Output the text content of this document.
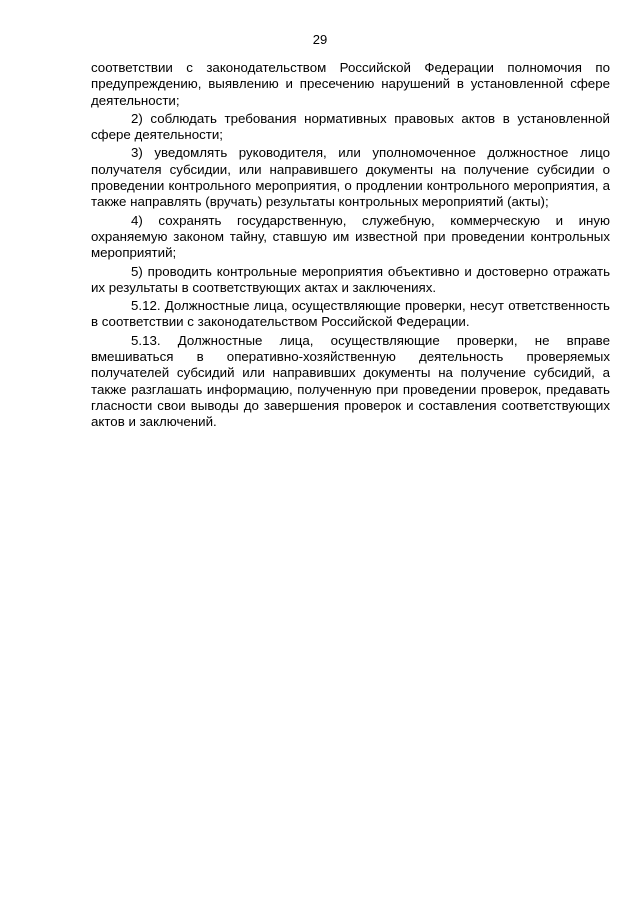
29

соответствии с законодательством Российской Федерации полномочия по предупреждению, выявлению и пресечению нарушений в установленной сфере деятельности;

2) соблюдать требования нормативных правовых актов в установленной сфере деятельности;

3) уведомлять руководителя, или уполномоченное должностное лицо получателя субсидии, или направившего документы на получение субсидии о проведении контрольного мероприятия, о продлении контрольного мероприятия, а также направлять (вручать) результаты контрольных мероприятий (акты);

4) сохранять государственную, служебную, коммерческую и иную охраняемую законом тайну, ставшую им известной при проведении контрольных мероприятий;

5) проводить контрольные мероприятия объективно и достоверно отражать их результаты в соответствующих актах и заключениях.

5.12. Должностные лица, осуществляющие проверки, несут ответственность в соответствии с законодательством Российской Федерации.

5.13. Должностные лица, осуществляющие проверки, не вправе вмешиваться в оперативно-хозяйственную деятельность проверяемых получателей субсидий или направивших документы на получение субсидий, а также разглашать информацию, полученную при проведении проверок, предавать гласности свои выводы до завершения проверок и составления соответствующих актов и заключений.
